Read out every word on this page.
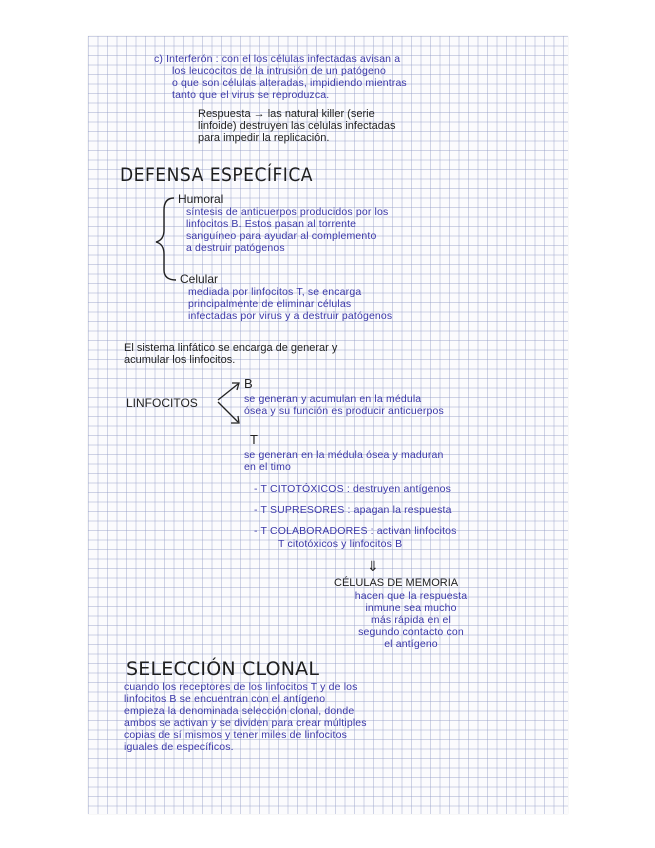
c) Interferón : con el los células infectadas avisan a
los leucocitos de la intrusión de un patógeno
o que son células alteradas, impidiendo mientras
tanto que el virus se reproduzca.
Respuesta → las natural killer (serie
linfoide) destruyen las celulas infectadas
para impedir la replicación.
DEFENSA ESPECÍFICA
Humoral
síntesis de anticuerpos producidos por los
linfocitos B. Estos pasan al torrente
sanguíneo para ayudar al complemento
a destruir patógenos
Celular
mediada por linfocitos T, se encarga
principalmente de eliminar células
infectadas por virus y a destruir patógenos
El sistema linfático se encarga de generar y
acumular los linfocitos.
LINFOCITOS
B
se generan y acumulan en la médula
ósea y su función es producir anticuerpos
T
se generan en la médula ósea y maduran
en el timo
- T CITOTÓXICOS : destruyen antígenos
- T SUPRESORES : apagan la respuesta
- T COLABORADORES : activan linfocitos
T citotóxicos y linfocitos B
⇓
CÉLULAS DE MEMORIA
hacen que la respuesta
inmune sea mucho
más rápida en el
segundo contacto con
el antígeno
SELECCIÓN CLONAL
cuando los receptores de los linfocitos T y de los
linfocitos B se encuentran con el antígeno
empieza la denominada selección clonal, donde
ambos se activan y se dividen para crear múltiples
copias de sí mismos y tener miles de linfocitos
iguales de específicos.
